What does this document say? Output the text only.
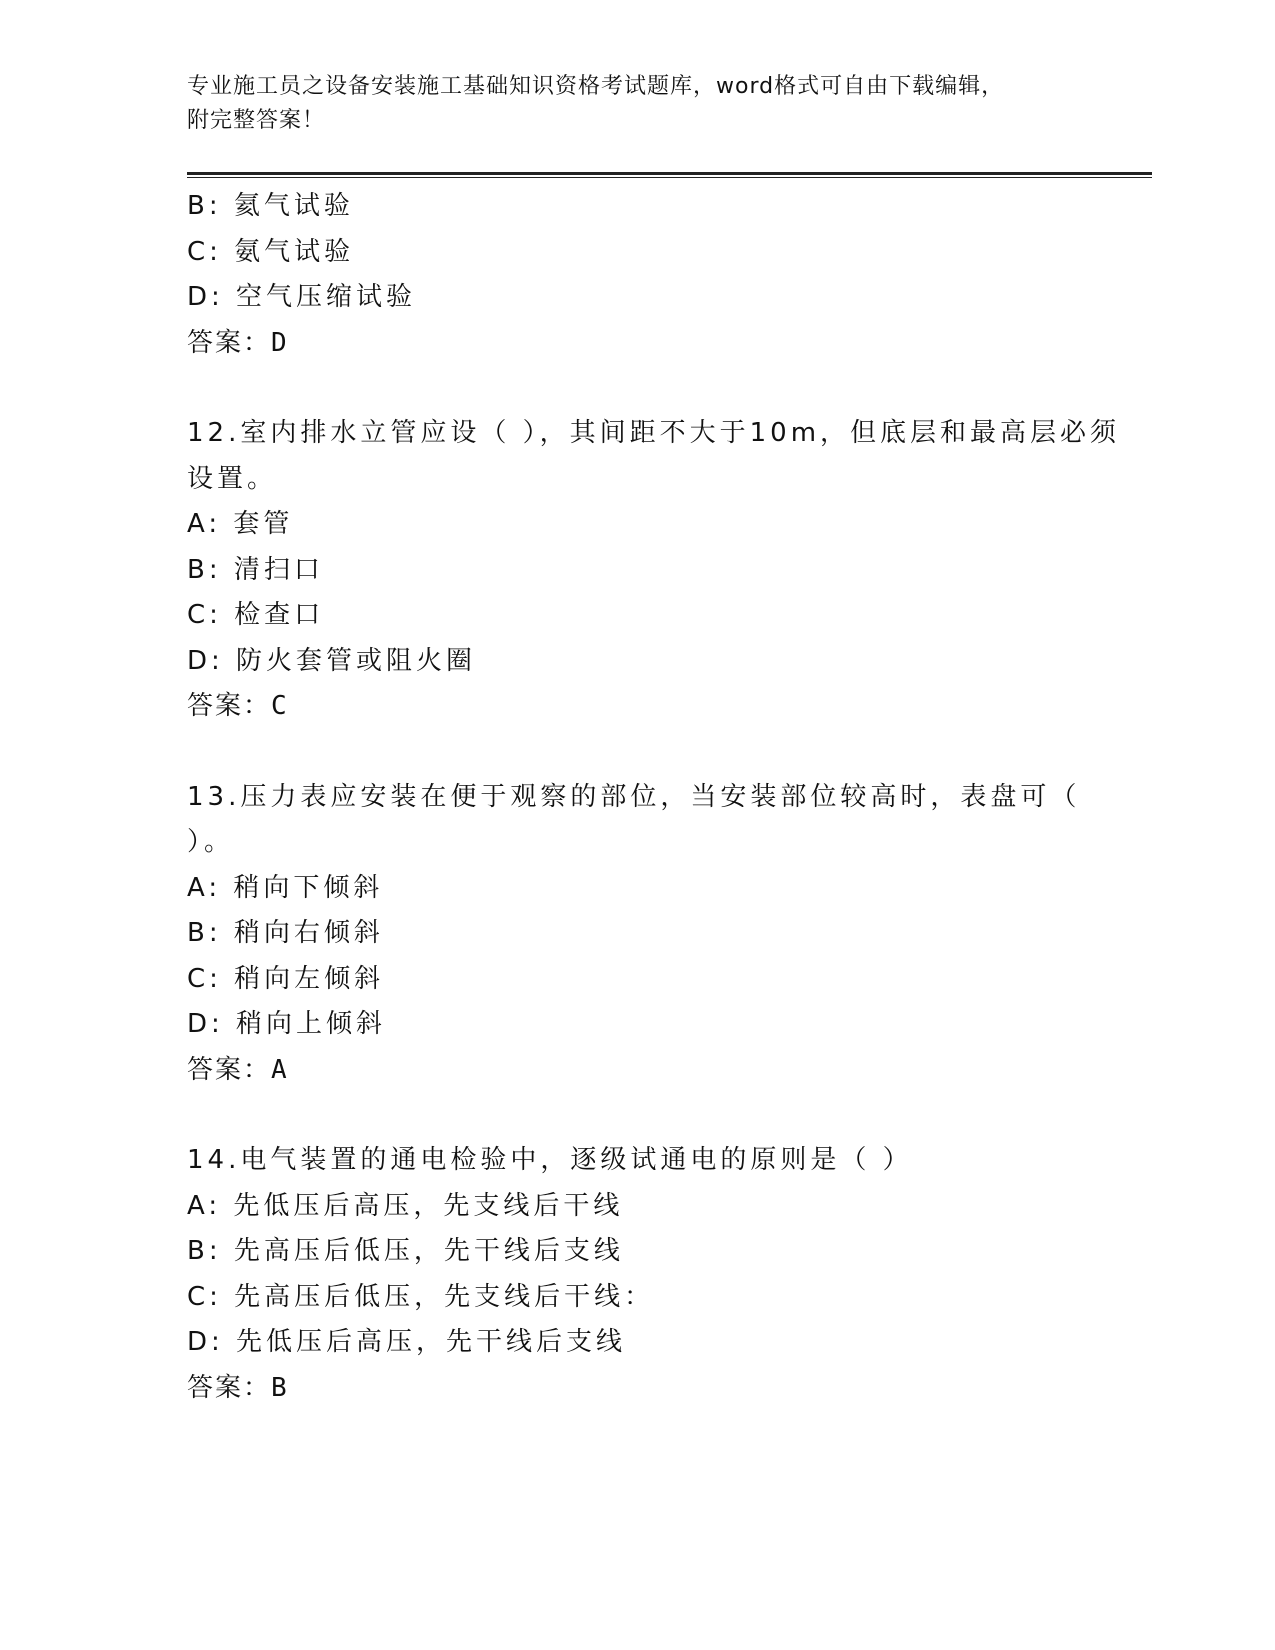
专业施工员之设备安装施工基础知识资格考试题库，word格式可自由下载编辑，

附完整答案！

B: 氦气试验

C: 氨气试验

D: 空气压缩试验

答案：D

12.室内排水立管应设（ ），其间距不大于10m，但底层和最高层必须

设置。

A: 套管

B: 清扫口

C: 检查口

D: 防火套管或阻火圈

答案：C

13.压力表应安装在便于观察的部位，当安装部位较高时，表盘可（

）。

A: 稍向下倾斜

B: 稍向右倾斜

C: 稍向左倾斜

D: 稍向上倾斜

答案：A

14.电气装置的通电检验中，逐级试通电的原则是（ ）

A: 先低压后高压，先支线后干线

B: 先高压后低压，先干线后支线

C: 先高压后低压，先支线后干线：

D: 先低压后高压，先干线后支线

答案：B
